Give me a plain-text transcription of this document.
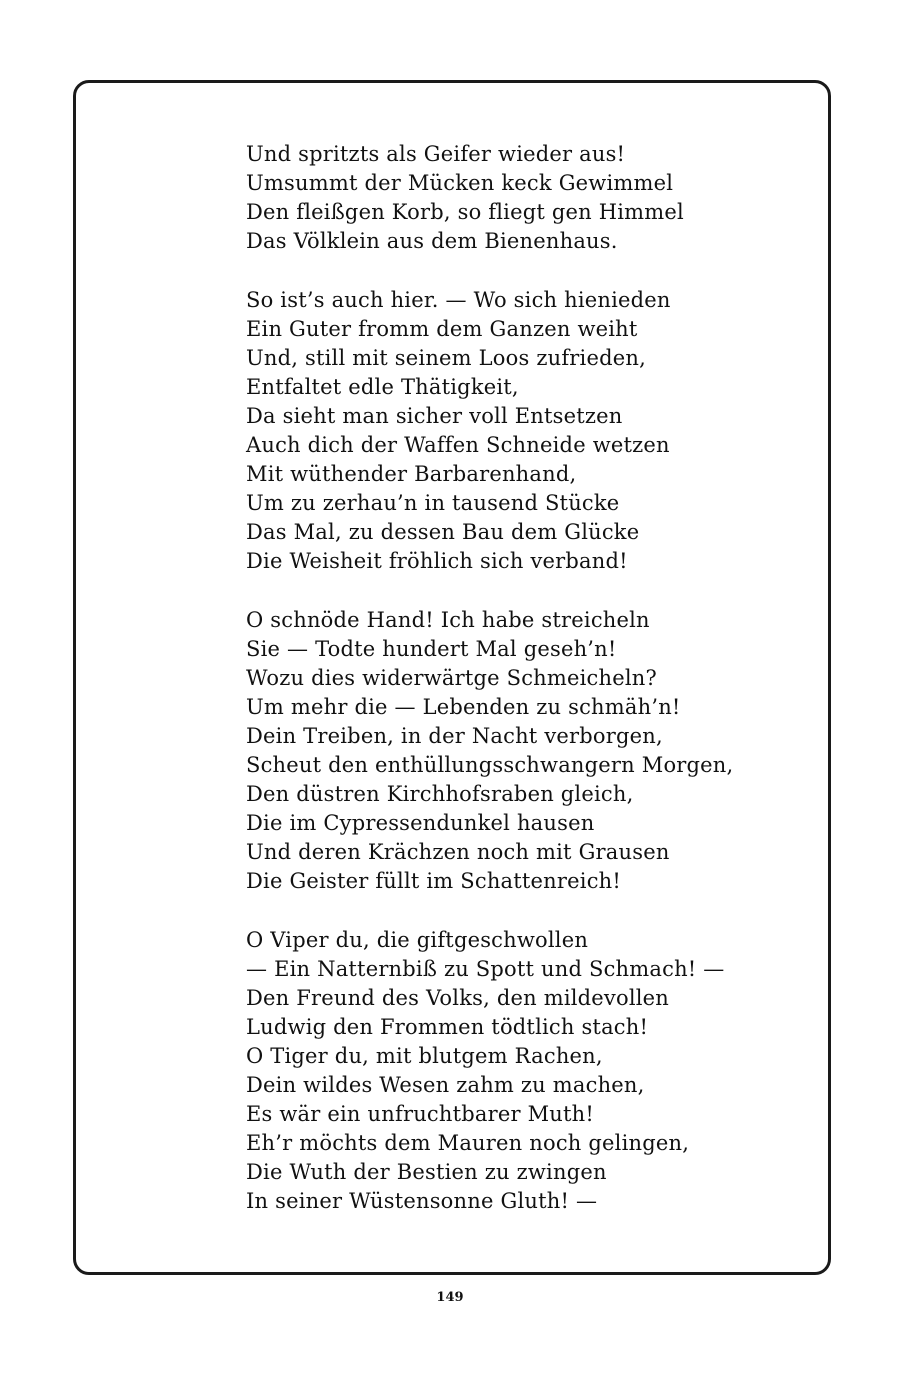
Und spritzts als Geifer wieder aus!
Umsummt der Mücken keck Gewimmel
Den fleißgen Korb, so fliegt gen Himmel
Das Völklein aus dem Bienenhaus.
So ist’s auch hier. — Wo sich hienieden
Ein Guter fromm dem Ganzen weiht
Und, still mit seinem Loos zufrieden,
Entfaltet edle Thätigkeit,
Da sieht man sicher voll Entsetzen
Auch dich der Waffen Schneide wetzen
Mit wüthender Barbarenhand,
Um zu zerhau’n in tausend Stücke
Das Mal, zu dessen Bau dem Glücke
Die Weisheit fröhlich sich verband!
O schnöde Hand! Ich habe streicheln
Sie — Todte hundert Mal geseh’n!
Wozu dies widerwärtge Schmeicheln?
Um mehr die — Lebenden zu schmäh’n!
Dein Treiben, in der Nacht verborgen,
Scheut den enthüllungsschwangern Morgen,
Den düstren Kirchhofsraben gleich,
Die im Cypressendunkel hausen
Und deren Krächzen noch mit Grausen
Die Geister füllt im Schattenreich!
O Viper du, die giftgeschwollen
— Ein Natternbiß zu Spott und Schmach! —
Den Freund des Volks, den mildevollen
Ludwig den Frommen tödtlich stach!
O Tiger du, mit blutgem Rachen,
Dein wildes Wesen zahm zu machen,
Es wär ein unfruchtbarer Muth!
Eh’r möchts dem Mauren noch gelingen,
Die Wuth der Bestien zu zwingen
In seiner Wüstensonne Gluth! —
149
